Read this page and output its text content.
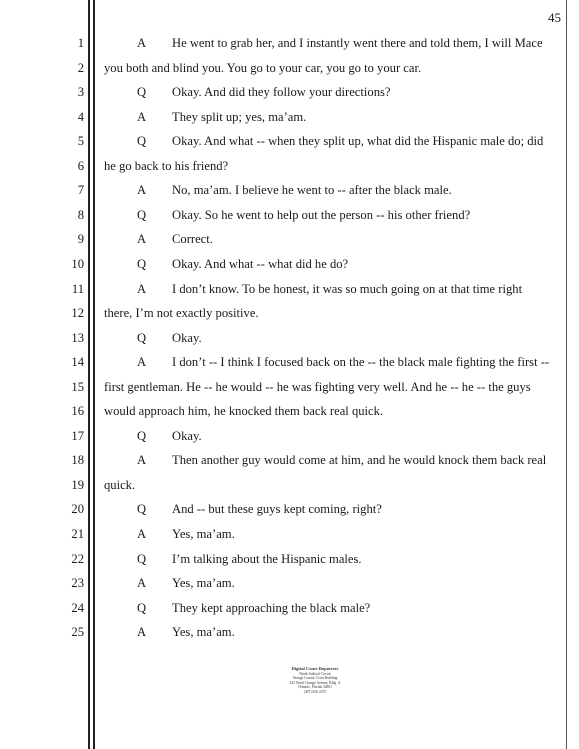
45
1	A He went to grab her, and I instantly went there and told them, I will Mace
2 you both and blind you. You go to your car, you go to your car.
3	Q Okay. And did they follow your directions?
4	A They split up; yes, ma’am.
5	Q Okay. And what -- when they split up, what did the Hispanic male do; did
6 he go back to his friend?
7	A No, ma’am. I believe he went to -- after the black male.
8	Q Okay. So he went to help out the person -- his other friend?
9	A Correct.
10	Q Okay. And what -- what did he do?
11	A I don’t know. To be honest, it was so much going on at that time right
12 there, I’m not exactly positive.
13	Q Okay.
14	A I don’t -- I think I focused back on the -- the black male fighting the first --
15 first gentleman. He -- he would -- he was fighting very well. And he -- he -- the guys
16 would approach him, he knocked them back real quick.
17	Q Okay.
18	A Then another guy would come at him, and he would knock them back real
19 quick.
20	Q And -- but these guys kept coming, right?
21	A Yes, ma’am.
22	Q I’m talking about the Hispanic males.
23	A Yes, ma’am.
24	Q They kept approaching the black male?
25	A Yes, ma’am.
Digital Court Reporters
Ninth Judicial Circuit
Orange County Court Building
425 North Orange Avenue, Bldg. A
Orlando, Florida 32801
(407) 836-2275
